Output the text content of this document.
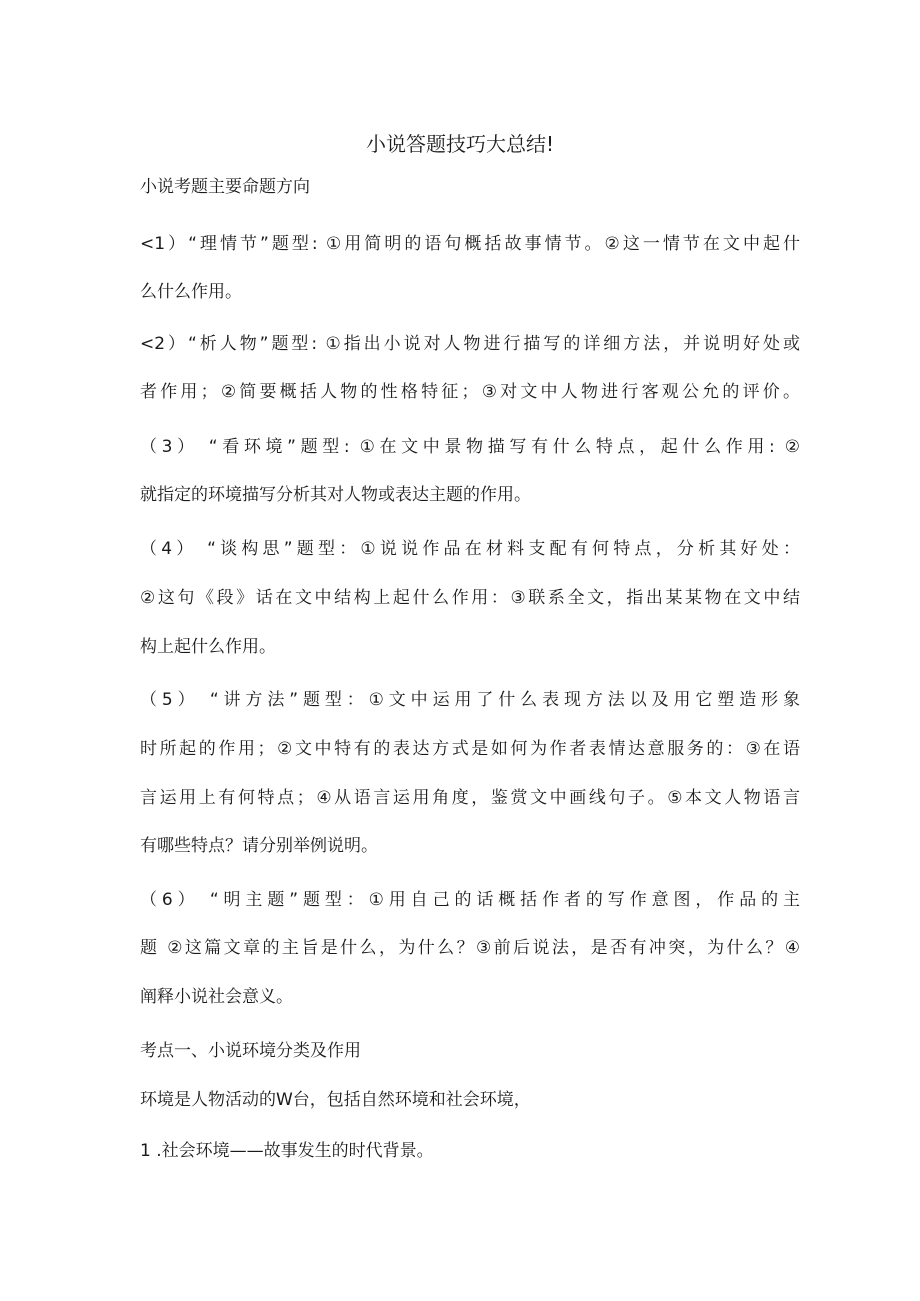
小说答题技巧大总结!
小说考题主要命题方向
<1）“理情节”题型: ①用简明的语句概括故事情节。②这一情节在文中起什
么什么作用。
<2）“析人物”题型: ①指出小说对人物进行描写的详细方法，并说明好处或
者作用；②简要概括人物的性格特征；③对文中人物进行客观公允的评价。
（3） “看环境”题型: ①在文中景物描写有什么特点，起什么作用: ②
就指定的环境描写分析其对人物或表达主题的作用。
（4） “谈构思”题型：①说说作品在材料支配有何特点，分析其好处：
②这句《段》话在文中结构上起什么作用：③联系全文，指出某某物在文中结
构上起什么作用。
（5） “讲方法”题型：①文中运用了什么表现方法以及用它塑造形象
时所起的作用；②文中特有的表达方式是如何为作者表情达意服务的：③在语
言运用上有何特点；④从语言运用角度，鉴赏文中画线句子。⑤本文人物语言
有哪些特点？请分别举例说明。
（6） “明主题”题型：①用自己的话概括作者的写作意图，作品的主
题 ②这篇文章的主旨是什么，为什么？③前后说法，是否有冲突，为什么？④
阐释小说社会意义。
考点一、小说环境分类及作用
环境是人物活动的W台，包括自然环境和社会环境，
1 .社会环境——故事发生的时代背景。
